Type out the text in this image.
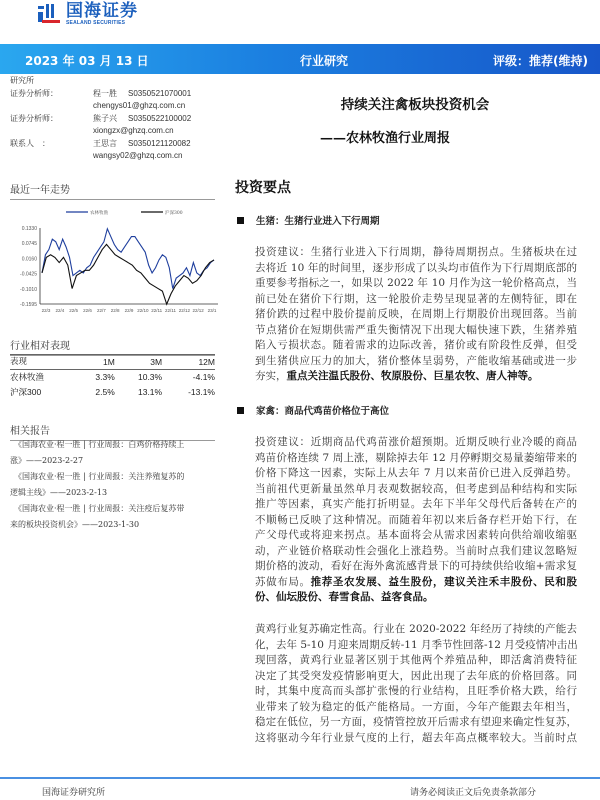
国海证券
SEALAND SECURITIES
2023 年 03 月 13 日	行业研究	评级：推荐(维持)
研究所
证券分析师：	程一胜 S0350521070001
chengys01@ghzq.com.cn
证券分析师：	熊子兴 S0350522100002
xiongzx@ghzq.com.cn
联系人　：	王思言 S0350121120082
wangsy02@ghzq.com.cn
持续关注禽板块投资机会
——农林牧渔行业周报
最近一年走势
0.1330
0.0745
0.0160
-0.0425
-0.1010
-0.1595
22/3 22/4 22/5 22/6 22/7 22/8 22/9 22/10 22/11 22/11 22/12 22/12 23/1
农林牧渔	沪深300
行业相对表现
表现	1M	3M	12M
农林牧渔	3.3%	10.3%	-4.1%
沪深300	2.5%	13.1%	-13.1%
相关报告
《国海农业·程一胜 | 行业周报：白鸡价格持续上
涨》——2023-2-27
《国海农业·程一胜 | 行业周报：关注养殖复苏的
逻辑主线》——2023-2-13
《国海农业·程一胜 | 行业周报：关注疫后复苏带
来的板块投资机会》——2023-1-30
投资要点
生猪：生猪行业进入下行周期
投资建议：生猪行业进入下行周期，静待周期拐点。生猪板块在过
去将近 10 年的时间里，逐步形成了以头均市值作为下行周期底部的
重要参考指标之一，如果以 2022 年 10 月作为这一轮价格高点，当
前已处在猪价下行期，这一轮股价走势呈现显著的左侧特征，即在
猪价跌的过程中股价提前反映，在周期上行期股价出现回落。当前
节点猪价在短期供需严重失衡情况下出现大幅快速下跌，生猪养殖
陷入亏损状态。随着需求的边际改善，猪价或有阶段性反弹，但受
到生猪供应压力的加大，猪价整体呈弱势，产能收缩基础或进一步
夯实，重点关注温氏股份、牧原股份、巨星农牧、唐人神等。
家禽：商品代鸡苗价格位于高位
投资建议：近期商品代鸡苗涨价超预期。近期反映行业冷暖的商品
鸡苗价格连续 7 周上涨，剔除掉去年 12 月停孵期交易量萎缩带来的
价格下降这一因素，实际上从去年 7 月以来苗价已进入反弹趋势。
当前祖代更新量虽然单月表观数据较高，但考虑到品种结构和实际
推广等因素，真实产能打折明显。去年下半年父母代后备转在产的
不顺畅已反映了这种情况。而随着年初以来后备存栏开始下行，在
产父母代或将迎来拐点。基本面将会从需求因素转向供给端收缩驱
动，产业链价格联动性会强化上涨趋势。当前时点我们建议忽略短
期价格的波动，看好在海外禽流感背景下的可持续供给收缩+需求复
苏做布局。推荐圣农发展、益生股份，建议关注禾丰股份、民和股
份、仙坛股份、春雪食品、益客食品。
黄鸡行业复苏确定性高。行业在 2020-2022 年经历了持续的产能去
化，去年 5-10 月迎来周期反转-11 月季节性回落-12 月受疫情冲击出
现回落，黄鸡行业显著区别于其他两个养殖品种，即活禽消费特征
决定了其受突发疫情影响更大，因此出现了去年底的价格回落。同
时，其集中度高而头部扩张慢的行业结构，且旺季价格大跌，给行
业带来了较为稳定的低产能格局。一方面，今年产能跟去年相当，
稳定在低位，另一方面，疫情管控放开后需求有望迎来确定性复苏，
这将驱动今年行业景气度的上行，超去年高点概率较大。当前时点
国海证券研究所	请务必阅读正文后免责条款部分
